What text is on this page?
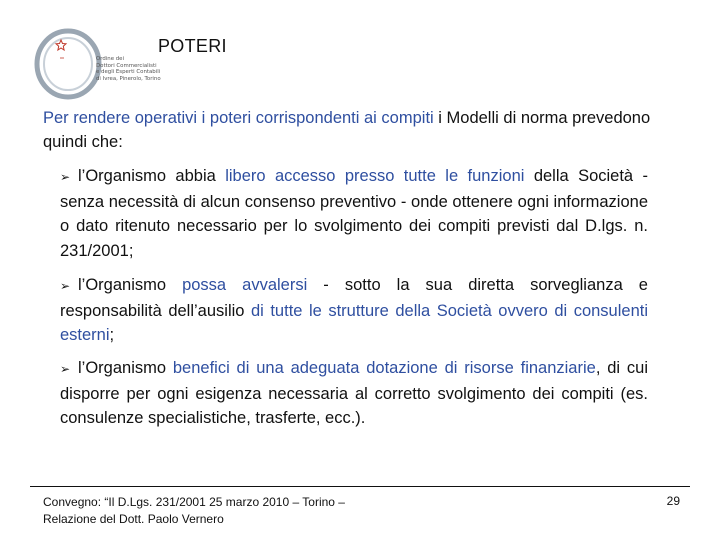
Ordine dei
Dottori Commercialisti
e degli Esperti Contabili
di Ivrea, Pinerolo, Torino
POTERI
Per rendere operativi i poteri corrispondenti ai compiti i Modelli di norma prevedono quindi che:
➢ l’Organismo abbia libero accesso presso tutte le funzioni della Società - senza necessità di alcun consenso preventivo - onde ottenere ogni informazione o dato ritenuto necessario per lo svolgimento dei compiti previsti dal D.lgs. n. 231/2001;
➢ l’Organismo possa avvalersi - sotto la sua diretta sorveglianza e responsabilità dell’ausilio di tutte le strutture della Società ovvero di consulenti esterni;
➢ l’Organismo benefici di una adeguata dotazione di risorse finanziarie, di cui disporre per ogni esigenza necessaria al corretto svolgimento dei compiti (es. consulenze specialistiche, trasferte, ecc.).
Convegno: “Il D.Lgs. 231/2001 25 marzo 2010 – Torino –
Relazione del Dott. Paolo Vernero
29
